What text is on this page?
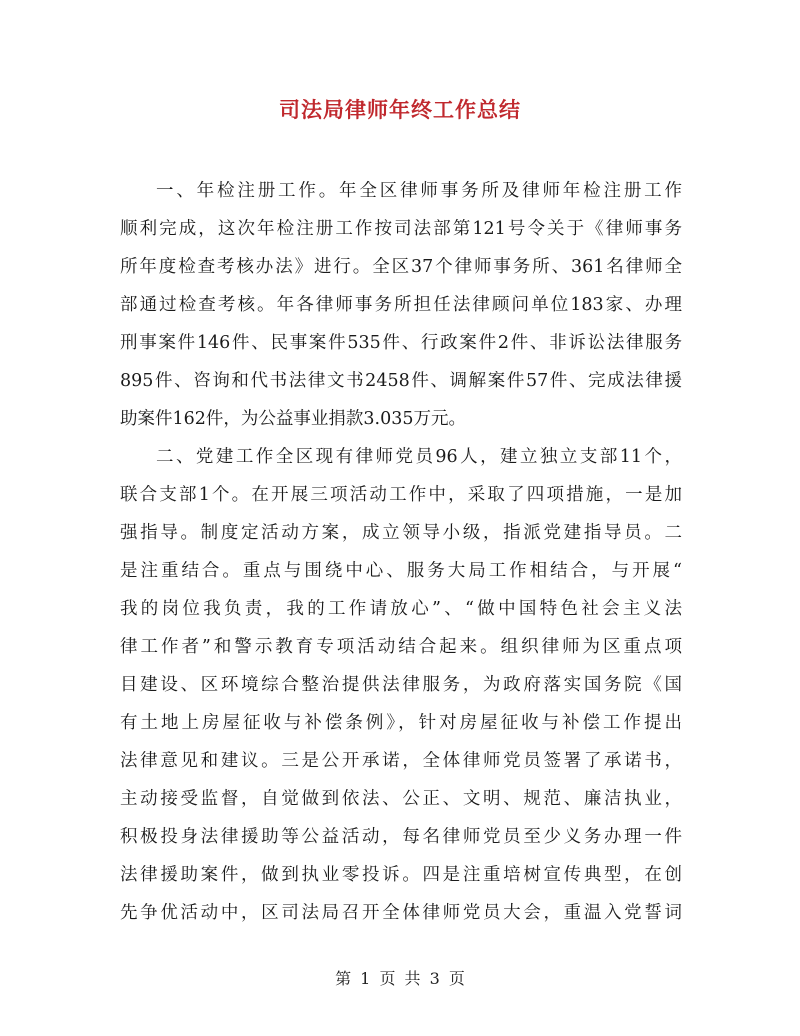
司法局律师年终工作总结
一、年检注册工作。年全区律师事务所及律师年检注册工作
顺利完成，这次年检注册工作按司法部第121号令关于《律师事务
所年度检查考核办法》进行。全区37个律师事务所、361名律师全
部通过检查考核。年各律师事务所担任法律顾问单位183家、办理
刑事案件146件、民事案件535件、行政案件2件、非诉讼法律服务
895件、咨询和代书法律文书2458件、调解案件57件、完成法律援
助案件162件，为公益事业捐款3.035万元。
二、党建工作全区现有律师党员96人，建立独立支部11个，
联合支部1个。在开展三项活动工作中，采取了四项措施，一是加
强指导。制度定活动方案，成立领导小级，指派党建指导员。二
是注重结合。重点与围绕中心、服务大局工作相结合，与开展“
我的岗位我负责，我的工作请放心”、“做中国特色社会主义法
律工作者”和警示教育专项活动结合起来。组织律师为区重点项
目建设、区环境综合整治提供法律服务，为政府落实国务院《国
有土地上房屋征收与补偿条例》，针对房屋征收与补偿工作提出
法律意见和建议。三是公开承诺，全体律师党员签署了承诺书，
主动接受监督，自觉做到依法、公正、文明、规范、廉洁执业，
积极投身法律援助等公益活动，每名律师党员至少义务办理一件
法律援助案件，做到执业零投诉。四是注重培树宣传典型，在创
先争优活动中，区司法局召开全体律师党员大会，重温入党誓词
第 1 页 共 3 页
